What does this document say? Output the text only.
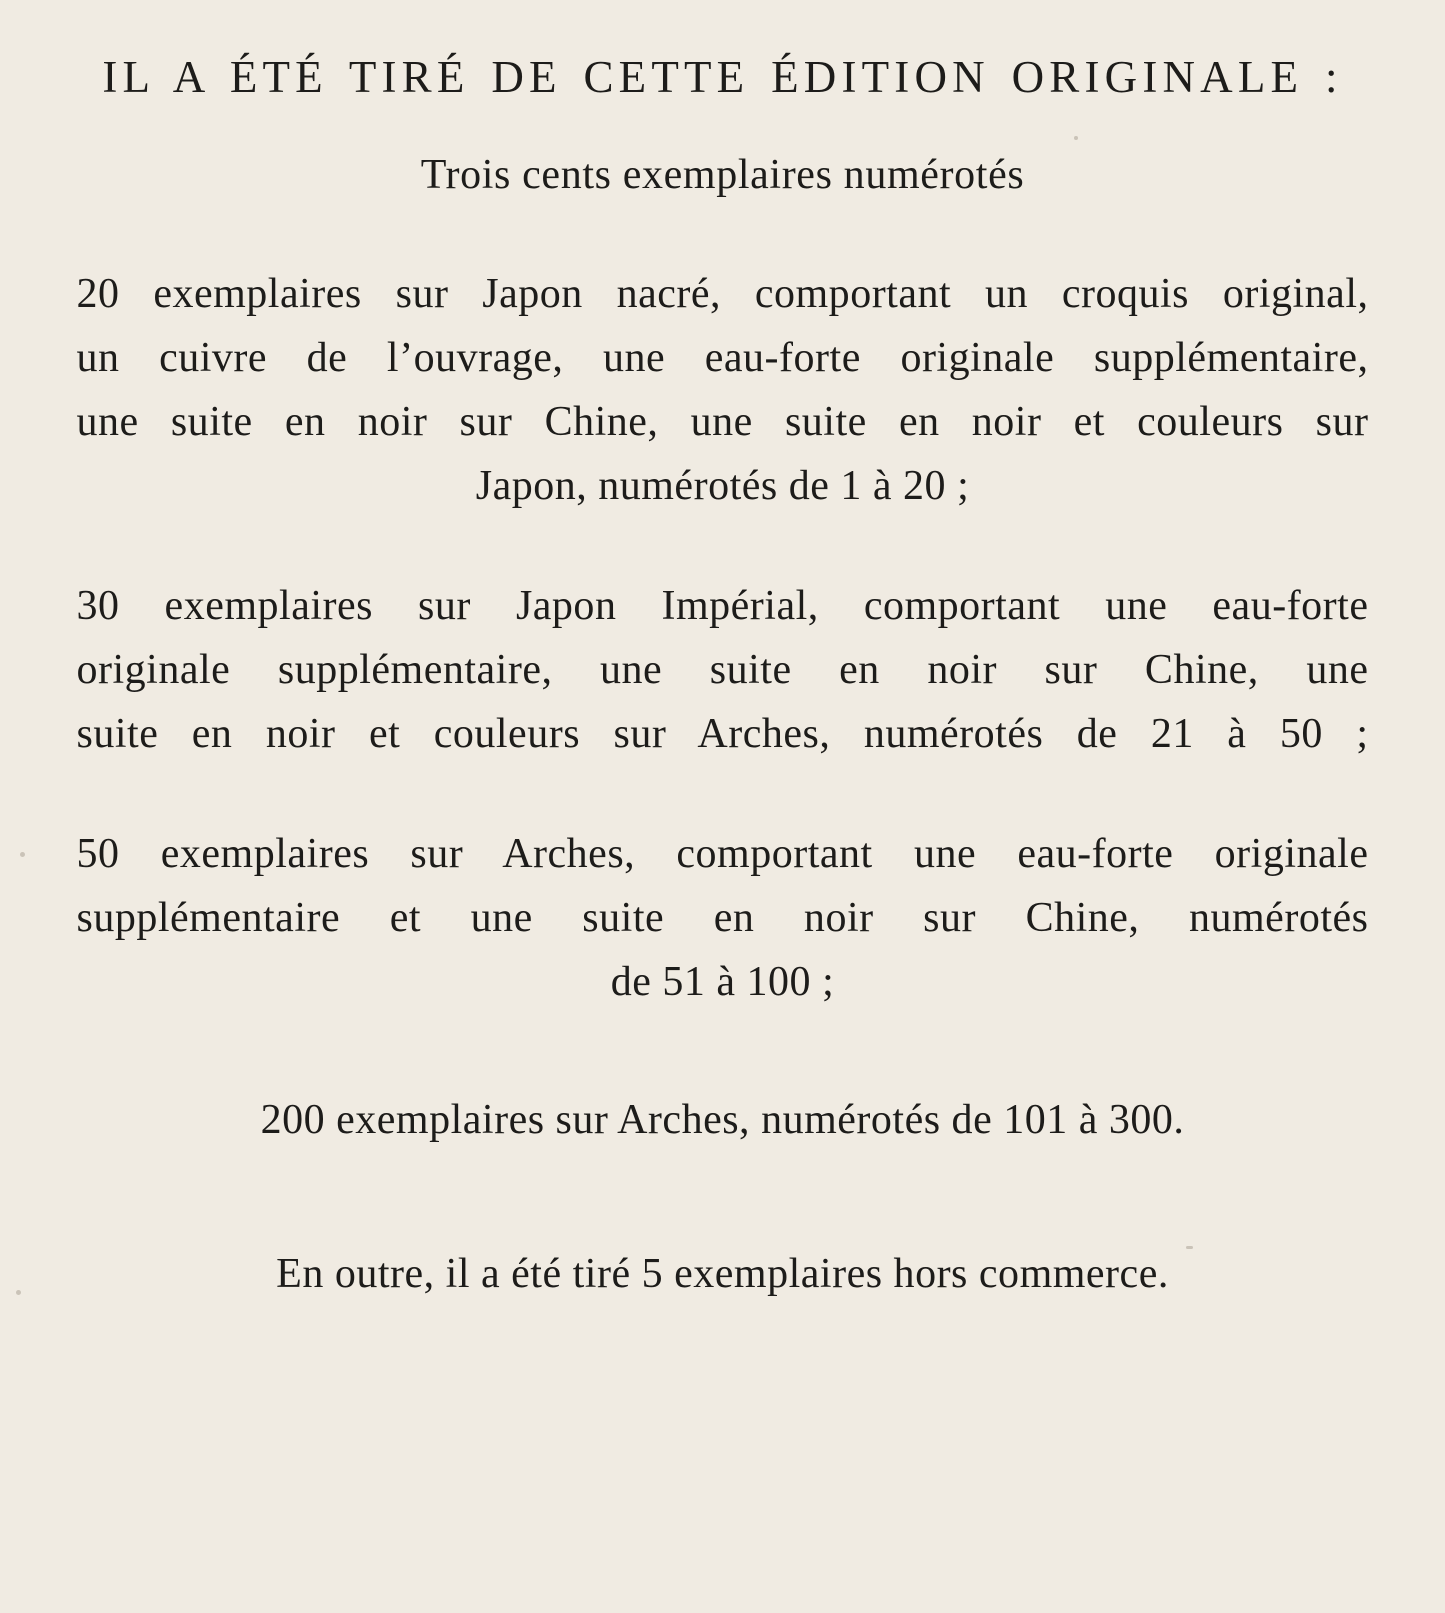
IL A ÉTÉ TIRÉ DE CETTE ÉDITION ORIGINALE :
Trois cents exemplaires numérotés

20 exemplaires sur Japon nacré, comportant un croquis original,
un cuivre de l’ouvrage, une eau-forte originale supplémentaire,
une suite en noir sur Chine, une suite en noir et couleurs sur
Japon, numérotés de 1 à 20 ;

30 exemplaires sur Japon Impérial, comportant une eau-forte
originale supplémentaire, une suite en noir sur Chine, une
suite en noir et couleurs sur Arches, numérotés de 21 à 50 ;

50 exemplaires sur Arches, comportant une eau-forte originale
supplémentaire et une suite en noir sur Chine, numérotés
de 51 à 100 ;

200 exemplaires sur Arches, numérotés de 101 à 300.

En outre, il a été tiré 5 exemplaires hors commerce.
